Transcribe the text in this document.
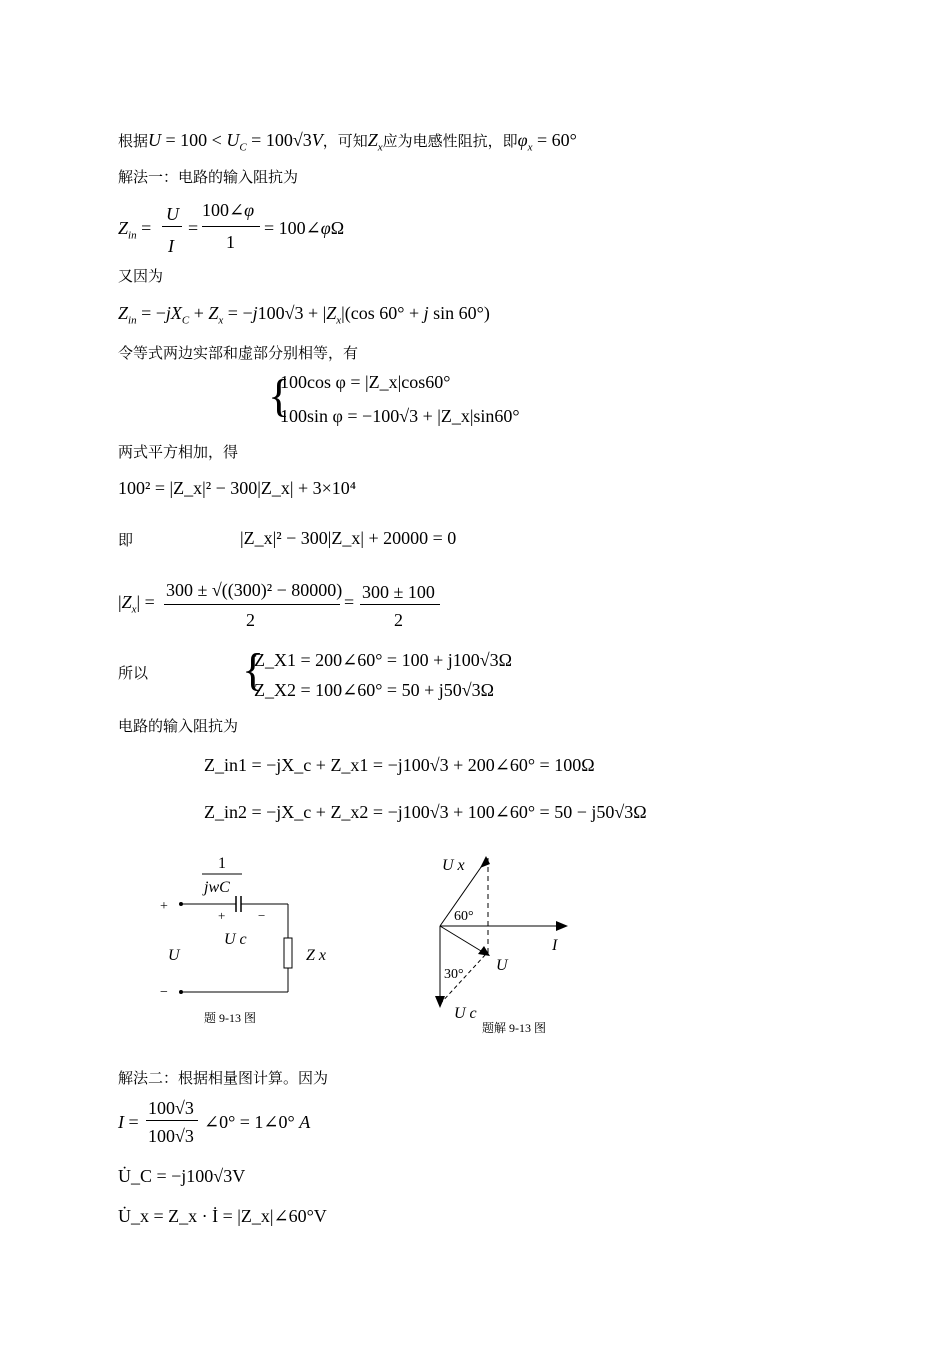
根据$U = 100 < U_C = 100√3V$，可知$Z_x$应为电感性阻抗，即$\varphi_x = 60^\circ$
解法一：电路的输入阻抗为
$Z_{in}$ =
U
I
=
100∠φ
1
= 100∠φΩ
又因为
$Z_{in} = -jX_C + Z_x = -j100√3 + |Z_x|(\cos$ 60° + j sin 60°)
令等式两边实部和虚部分别相等，有
{
100cos φ = |Z_x|cos60°
100sin φ = −100√3 + |Z_x|sin60°
两式平方相加，得
100² = |Z_x|² − 300|Z_x| + 3×10⁴
即	|Z_x|² − 300|Z_x| + 20000 = 0
$|Z_x|$ =
300 ± √((300)² − 80000)
2
= 300 ± 100
2
所以 {
Z_X1 = 200∠60° = 100 + j100√3Ω
Z_X2 = 100∠60° = 50 + j50√3Ω
电路的输入阻抗为
Z_in1 = −jX_c + Z_x1 = −j100√3 + 200∠60° = 100Ω
Z_in2 = −jX_c + Z_x2 = −j100√3 + 100∠60° = 50 − j50√3Ω
1
jwC
+
+	−
U c
Z x
U
−
题 9-13 图
U x
I
60°
U
30°
U c
题解 9-13 图
解法二：根据相量图计算。因为
I =
100√3
100√3
∠0° = 1∠0° A
U̇_C = −j100√3V
U̇_x = Z_x · İ = |Z_x|∠60°V
